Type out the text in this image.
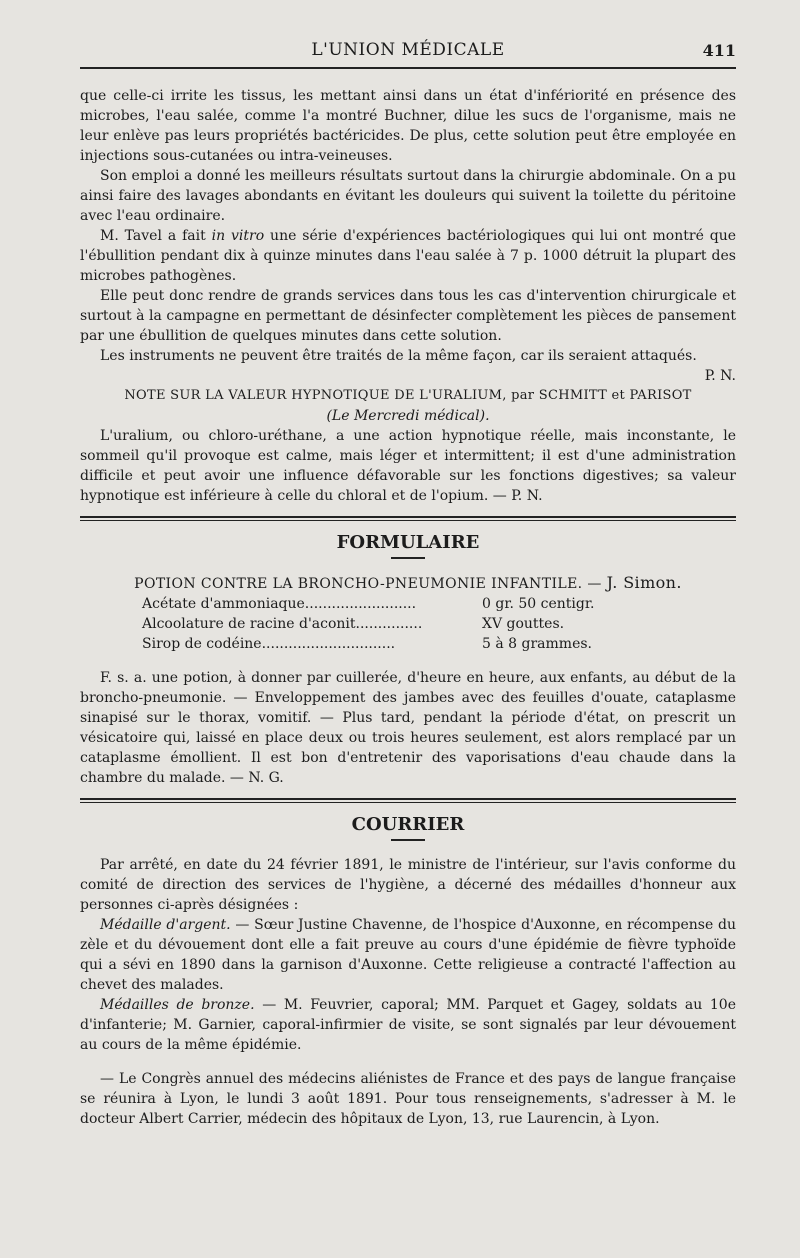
L'UNION MÉDICALE	411

que celle-ci irrite les tissus, les mettant ainsi dans un état d'infériorité en présence des microbes, l'eau salée, comme l'a montré Buchner, dilue les sucs de l'organisme, mais ne leur enlève pas leurs propriétés bactéricides. De plus, cette solution peut être employée en injections sous-cutanées ou intra-veineuses.

Son emploi a donné les meilleurs résultats surtout dans la chirurgie abdominale. On a pu ainsi faire des lavages abondants en évitant les douleurs qui suivent la toilette du péritoine avec l'eau ordinaire.

M. Tavel a fait in vitro une série d'expériences bactériologiques qui lui ont montré que l'ébullition pendant dix à quinze minutes dans l'eau salée à 7 p. 1000 détruit la plupart des microbes pathogènes.

Elle peut donc rendre de grands services dans tous les cas d'intervention chirurgicale et surtout à la campagne en permettant de désinfecter complètement les pièces de pansement par une ébullition de quelques minutes dans cette solution.

Les instruments ne peuvent être traités de la même façon, car ils seraient attaqués.

P. N.

NOTE SUR LA VALEUR HYPNOTIQUE DE L'URALIUM, par SCHMITT et PARISOT

(Le Mercredi médical).

L'uralium, ou chloro-uréthane, a une action hypnotique réelle, mais inconstante, le sommeil qu'il provoque est calme, mais léger et intermittent; il est d'une administration difficile et peut avoir une influence défavorable sur les fonctions digestives; sa valeur hypnotique est inférieure à celle du chloral et de l'opium. — P. N.

FORMULAIRE

POTION CONTRE LA BRONCHO-PNEUMONIE INFANTILE. — J. Simon.

Acétate d'ammoniaque.........................	0 gr. 50 centigr.
Alcoolature de racine d'aconit...............	XV gouttes.
Sirop de codéine..............................	5 à 8 grammes.

F. s. a. une potion, à donner par cuillerée, d'heure en heure, aux enfants, au début de la broncho-pneumonie. — Enveloppement des jambes avec des feuilles d'ouate, cataplasme sinapisé sur le thorax, vomitif. — Plus tard, pendant la période d'état, on prescrit un vésicatoire qui, laissé en place deux ou trois heures seulement, est alors remplacé par un cataplasme émollient. Il est bon d'entretenir des vaporisations d'eau chaude dans la chambre du malade. — N. G.

COURRIER

Par arrêté, en date du 24 février 1891, le ministre de l'intérieur, sur l'avis conforme du comité de direction des services de l'hygiène, a décerné des médailles d'honneur aux personnes ci-après désignées :

Médaille d'argent. — Sœur Justine Chavenne, de l'hospice d'Auxonne, en récompense du zèle et du dévouement dont elle a fait preuve au cours d'une épidémie de fièvre typhoïde qui a sévi en 1890 dans la garnison d'Auxonne. Cette religieuse a contracté l'affection au chevet des malades.

Médailles de bronze. — M. Feuvrier, caporal; MM. Parquet et Gagey, soldats au 10e d'infanterie; M. Garnier, caporal-infirmier de visite, se sont signalés par leur dévouement au cours de la même épidémie.

— Le Congrès annuel des médecins aliénistes de France et des pays de langue française se réunira à Lyon, le lundi 3 août 1891. Pour tous renseignements, s'adresser à M. le docteur Albert Carrier, médecin des hôpitaux de Lyon, 13, rue Laurencin, à Lyon.
